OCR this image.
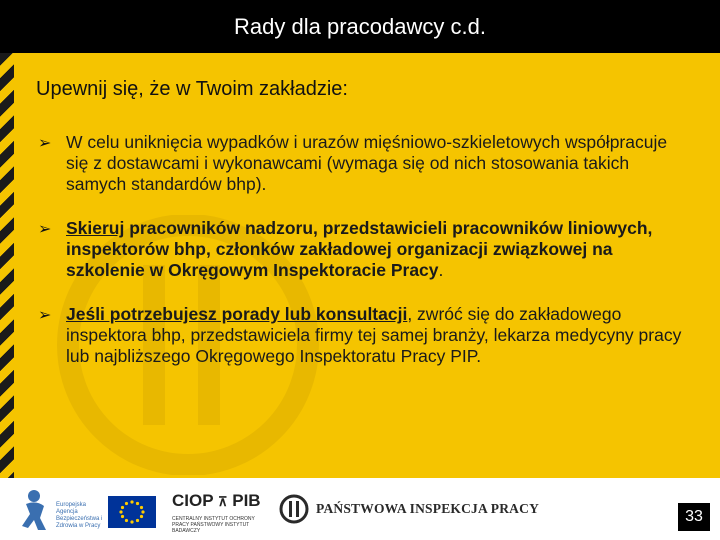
Rady dla pracodawcy c.d.
Upewnij się, że w Twoim zakładzie:
➢ W celu uniknięcia wypadków i urazów mięśniowo-szkieletowych współpracuje się z dostawcami i wykonawcami (wymaga się od nich stosowania takich samych standardów bhp).
➢ Skieruj pracowników nadzoru, przedstawicieli pracowników liniowych, inspektorów bhp, członków zakładowej organizacji związkowej na szkolenie w Okręgowym Inspektoracie Pracy.
➢ Jeśli potrzebujesz porady lub konsultacji, zwróć się do zakładowego inspektora bhp, przedstawiciela firmy tej samej branży, lekarza medycyny pracy lub najbliższego Okręgowego Inspektoratu Pracy PIP.
Europejska Agencja Bezpieczeństwa i Zdrowia w Pracy
CIOP ⊼ PIB
CENTRALNY INSTYTUT OCHRONY PRACY PAŃSTWOWY INSTYTUT BADAWCZY
PAŃSTWOWA INSPEKCJA PRACY	33
